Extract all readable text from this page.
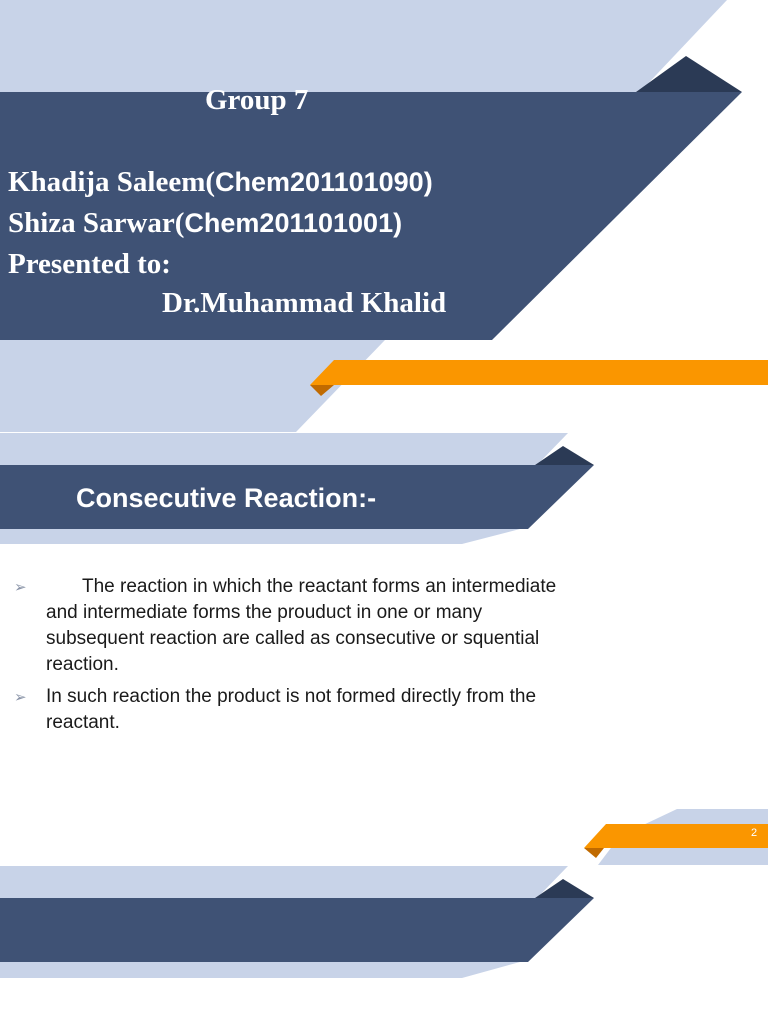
Group 7
Khadija Saleem(Chem201101090)
Shiza Sarwar(Chem201101001)
Presented to:
Dr.Muhammad Khalid
Consecutive Reaction:-
➢	The reaction in which the reactant forms an intermediate and intermediate forms the prouduct in one or many subsequent reaction are called as consecutive or squential reaction.
➢ In such reaction the product is not formed directly from the reactant.
2
